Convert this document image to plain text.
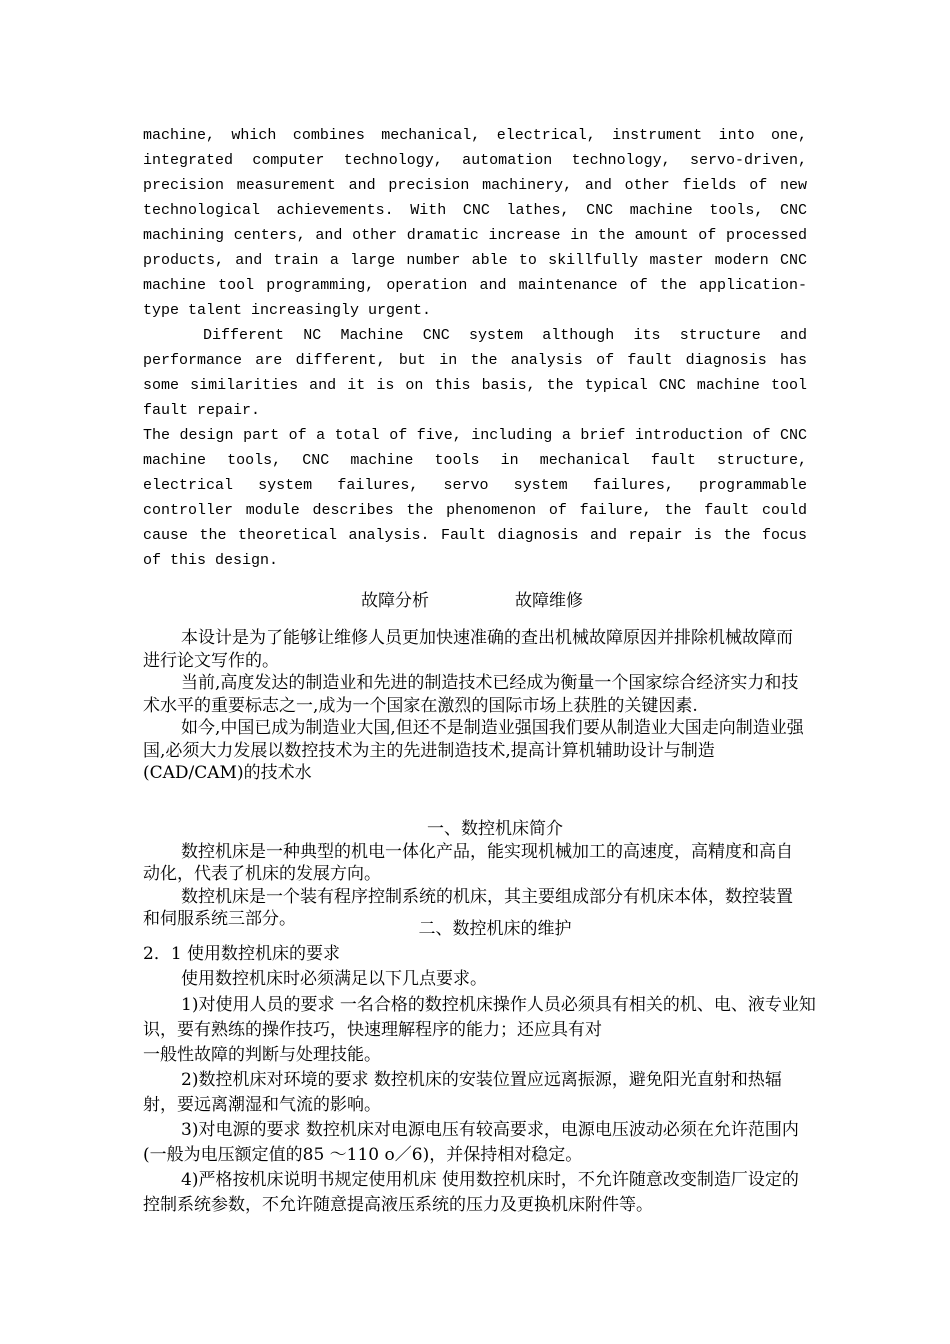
machine, which combines mechanical, electrical, instrument into one, integrated computer technology, automation technology, servo-driven, precision measurement and precision machinery, and other fields of new technological achievements. With CNC lathes, CNC machine tools, CNC machining centers, and other dramatic increase in the amount of processed products, and train a large number able to skillfully master modern CNC machine tool programming, operation and maintenance of the application-type talent increasingly urgent.

Different NC Machine CNC system although its structure and performance are different, but in the analysis of fault diagnosis has some similarities and it is on this basis, the typical CNC machine tool fault repair.

The design part of a total of five, including a brief introduction of CNC machine tools, CNC machine tools in mechanical fault structure, electrical system failures, servo system failures, programmable controller module describes the phenomenon of failure, the fault could cause the theoretical analysis. Fault diagnosis and repair is the focus of this design.

故障分析	故障维修

本设计是为了能够让维修人员更加快速准确的查出机械故障原因并排除机械故障而进行论文写作的。

当前,高度发达的制造业和先进的制造技术已经成为衡量一个国家综合经济实力和技术水平的重要标志之一,成为一个国家在激烈的国际市场上获胜的关键因素.

如今,中国已成为制造业大国,但还不是制造业强国我们要从制造业大国走向制造业强国,必须大力发展以数控技术为主的先进制造技术,提高计算机辅助设计与制造(CAD/CAM)的技术水

一、数控机床简介

数控机床是一种典型的机电一体化产品，能实现机械加工的高速度，高精度和高自动化，代表了机床的发展方向。

数控机床是一个装有程序控制系统的机床，其主要组成部分有机床本体，数控装置和伺服系统三部分。	二、数控机床的维护

2．1 使用数控机床的要求

使用数控机床时必须满足以下几点要求。

1)对使用人员的要求 一名合格的数控机床操作人员必须具有相关的机、电、液专业知识，要有熟练的操作技巧，快速理解程序的能力；还应具有对

一般性故障的判断与处理技能。

2)数控机床对环境的要求 数控机床的安装位置应远离振源，避免阳光直射和热辐射，要远离潮湿和气流的影响。

3)对电源的要求 数控机床对电源电压有较高要求，电源电压波动必须在允许范围内(一般为电压额定值的85 ～110 ο／6)，并保持相对稳定。

4)严格按机床说明书规定使用机床 使用数控机床时，不允许随意改变制造厂设定的控制系统参数，不允许随意提高液压系统的压力及更换机床附件等。
